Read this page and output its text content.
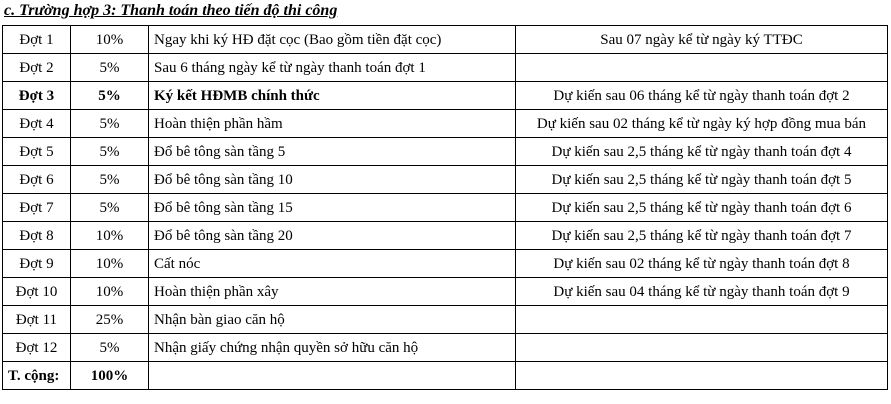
c. Trường hợp 3: Thanh toán theo tiến độ thi công
Đợt 1	10%	Ngay khi ký HĐ đặt cọc (Bao gồm tiền đặt cọc)	Sau 07 ngày kể từ ngày ký TTĐC
Đợt 2	5%	Sau 6 tháng ngày kể từ ngày thanh toán đợt 1	
Đợt 3	5%	Ký kết HĐMB chính thức	Dự kiến sau 06 tháng kể từ ngày thanh toán đợt 2
Đợt 4	5%	Hoàn thiện phần hầm	Dự kiến sau 02 tháng kể từ ngày ký hợp đồng mua bán
Đợt 5	5%	Đổ bê tông sàn tầng 5	Dự kiến sau 2,5 tháng kể từ ngày thanh toán đợt 4
Đợt 6	5%	Đổ bê tông sàn tầng 10	Dự kiến sau 2,5 tháng kể từ ngày thanh toán đợt 5
Đợt 7	5%	Đổ bê tông sàn tầng 15	Dự kiến sau 2,5 tháng kể từ ngày thanh toán đợt 6
Đợt 8	10%	Đổ bê tông sàn tầng 20	Dự kiến sau 2,5 tháng kể từ ngày thanh toán đợt 7
Đợt 9	10%	Cất nóc	Dự kiến sau 02 tháng kể từ ngày thanh toán đợt 8
Đợt 10	10%	Hoàn thiện phần xây	Dự kiến sau 04 tháng kể từ ngày thanh toán đợt 9
Đợt 11	25%	Nhận bàn giao căn hộ	
Đợt 12	5%	Nhận giấy chứng nhận quyền sở hữu căn hộ	
T. cộng:	100%		
